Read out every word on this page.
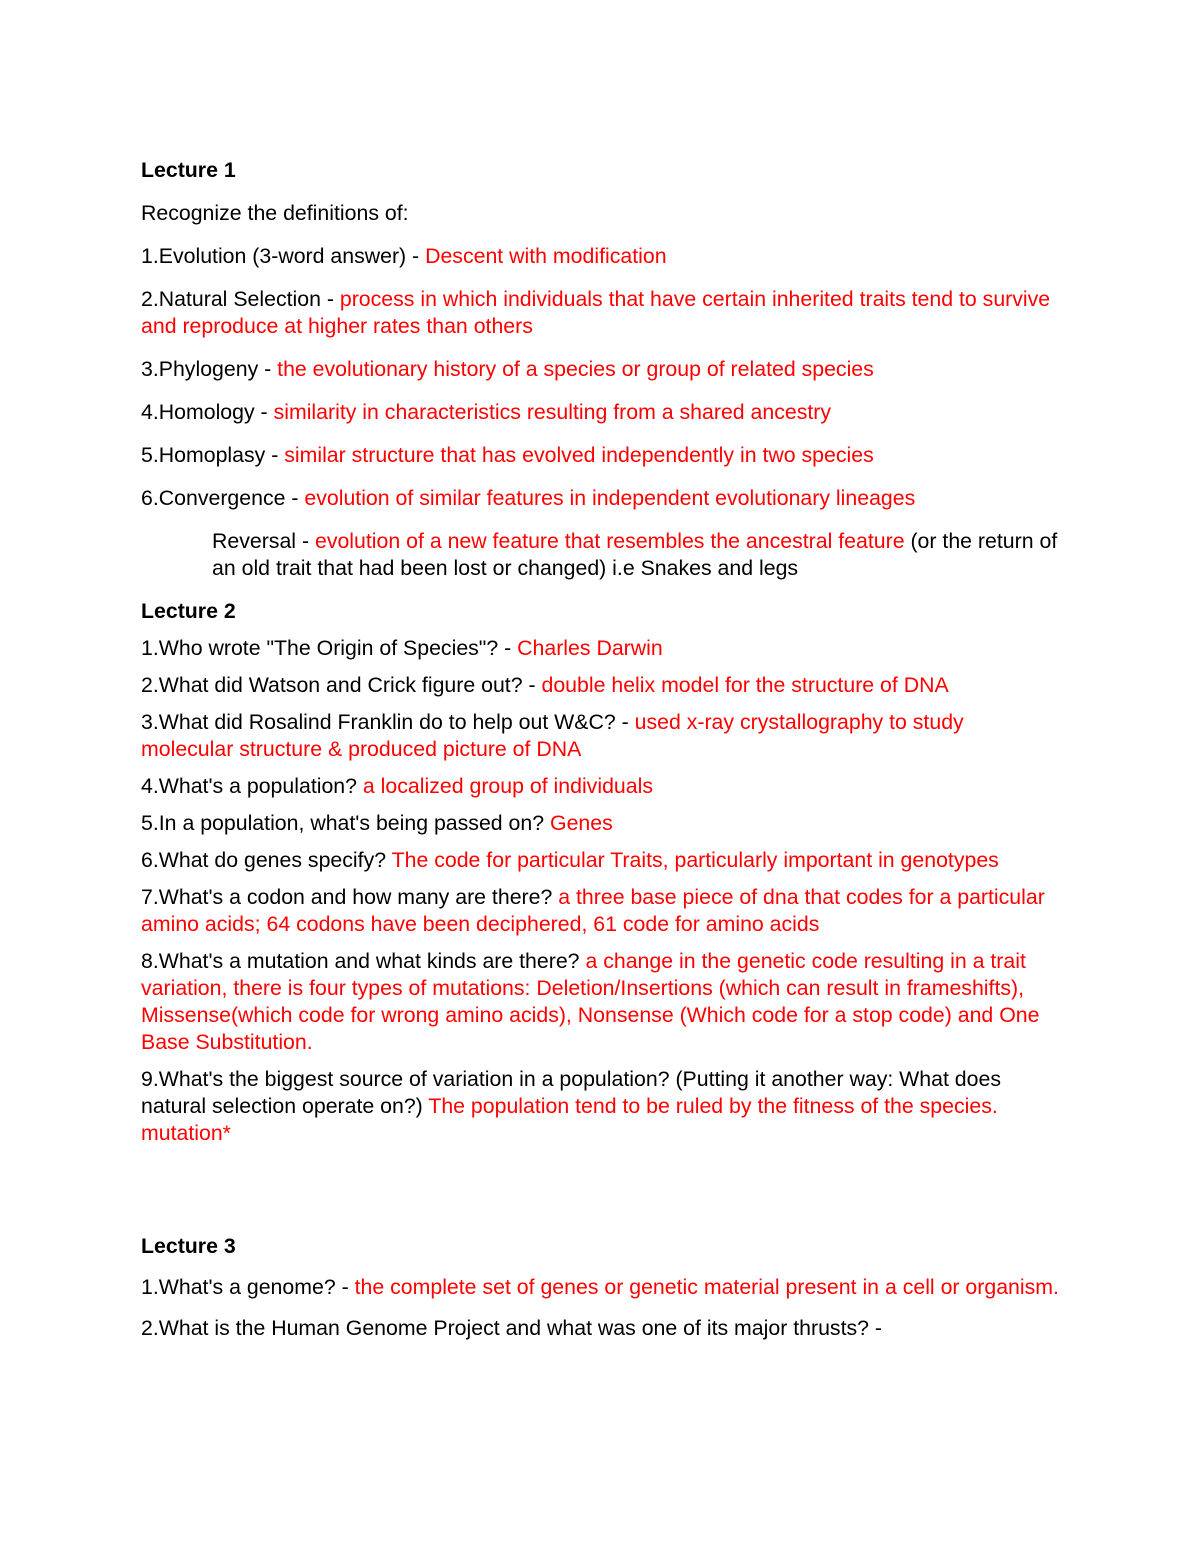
Lecture 1

Recognize the definitions of:

1.Evolution (3-word answer) - Descent with modification

2.Natural Selection - process in which individuals that have certain inherited traits tend to survive and reproduce at higher rates than others

3.Phylogeny - the evolutionary history of a species or group of related species

4.Homology - similarity in characteristics resulting from a shared ancestry

5.Homoplasy - similar structure that has evolved independently in two species

6.Convergence - evolution of similar features in independent evolutionary lineages

Reversal - evolution of a new feature that resembles the ancestral feature (or the return of an old trait that had been lost or changed) i.e Snakes and legs

Lecture 2

1.Who wrote "The Origin of Species"? - Charles Darwin

2.What did Watson and Crick figure out? - double helix model for the structure of DNA

3.What did Rosalind Franklin do to help out W&C? - used x-ray crystallography to study molecular structure & produced picture of DNA

4.What's a population? a localized group of individuals

5.In a population, what's being passed on? Genes

6.What do genes specify? The code for particular Traits, particularly important in genotypes

7.What's a codon and how many are there? a three base piece of dna that codes for a particular amino acids; 64 codons have been deciphered, 61 code for amino acids

8.What's a mutation and what kinds are there? a change in the genetic code resulting in a trait variation, there is four types of mutations: Deletion/Insertions (which can result in frameshifts), Missense(which code for wrong amino acids), Nonsense (Which code for a stop code) and One Base Substitution.

9.What's the biggest source of variation in a population? (Putting it another way: What does natural selection operate on?) The population tend to be ruled by the fitness of the species. mutation*

Lecture 3

1.What's a genome? - the complete set of genes or genetic material present in a cell or organism.

2.What is the Human Genome Project and what was one of its major thrusts? -
